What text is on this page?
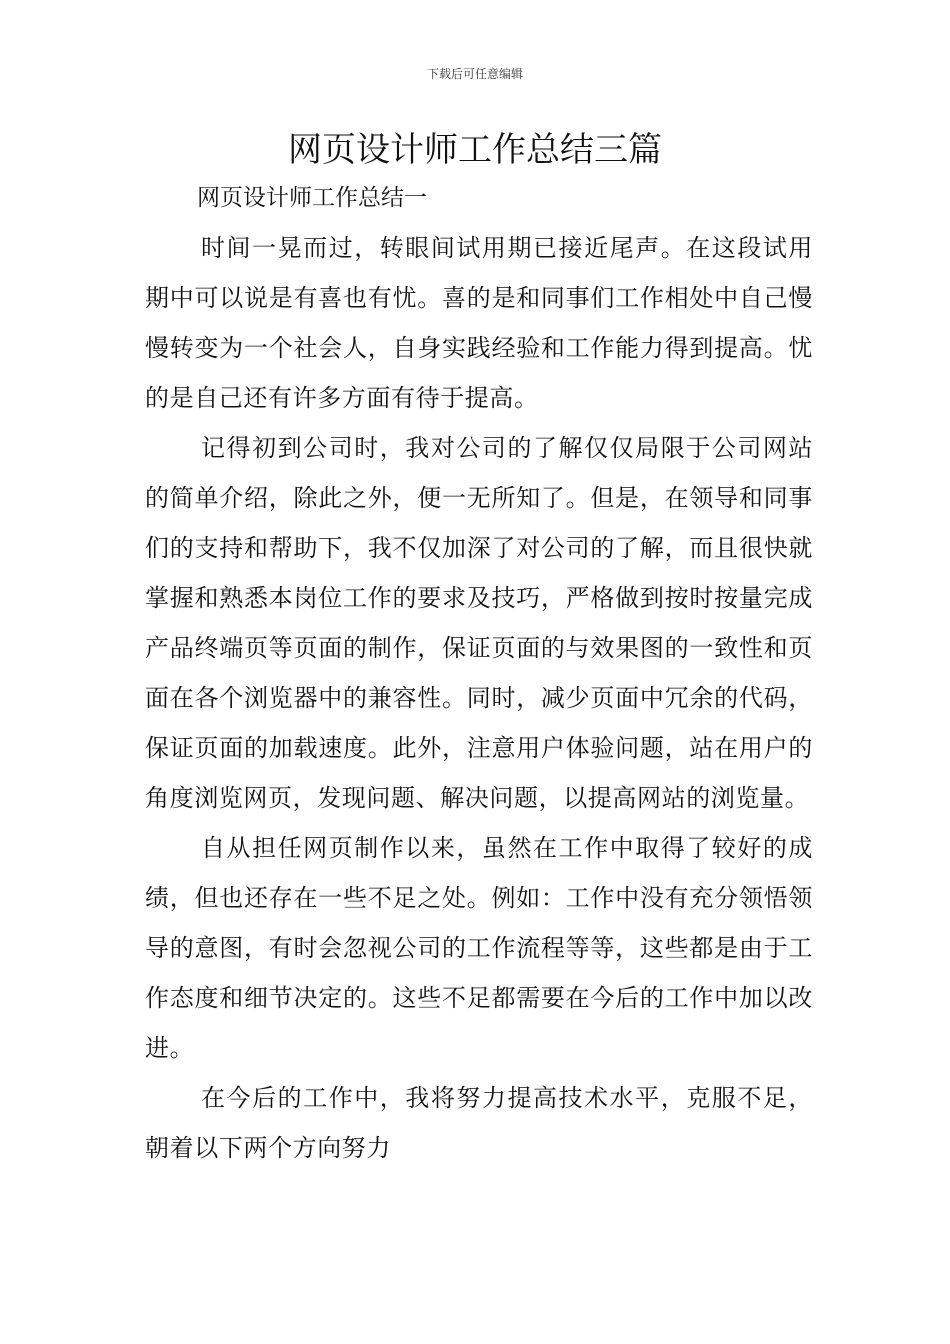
下载后可任意编辑
网页设计师工作总结三篇

网页设计师工作总结一

时间一晃而过，转眼间试用期已接近尾声。在这段试用期中可以说是有喜也有忧。喜的是和同事们工作相处中自己慢慢转变为一个社会人，自身实践经验和工作能力得到提高。忧的是自己还有许多方面有待于提高。

记得初到公司时，我对公司的了解仅仅局限于公司网站的简单介绍，除此之外，便一无所知了。但是，在领导和同事们的支持和帮助下，我不仅加深了对公司的了解，而且很快就掌握和熟悉本岗位工作的要求及技巧，严格做到按时按量完成产品终端页等页面的制作，保证页面的与效果图的一致性和页面在各个浏览器中的兼容性。同时，减少页面中冗余的代码，保证页面的加载速度。此外，注意用户体验问题，站在用户的角度浏览网页，发现问题、解决问题，以提高网站的浏览量。

自从担任网页制作以来，虽然在工作中取得了较好的成绩，但也还存在一些不足之处。例如：工作中没有充分领悟领导的意图，有时会忽视公司的工作流程等等，这些都是由于工作态度和细节决定的。这些不足都需要在今后的工作中加以改进。

在今后的工作中，我将努力提高技术水平，克服不足，朝着以下两个方向努力
